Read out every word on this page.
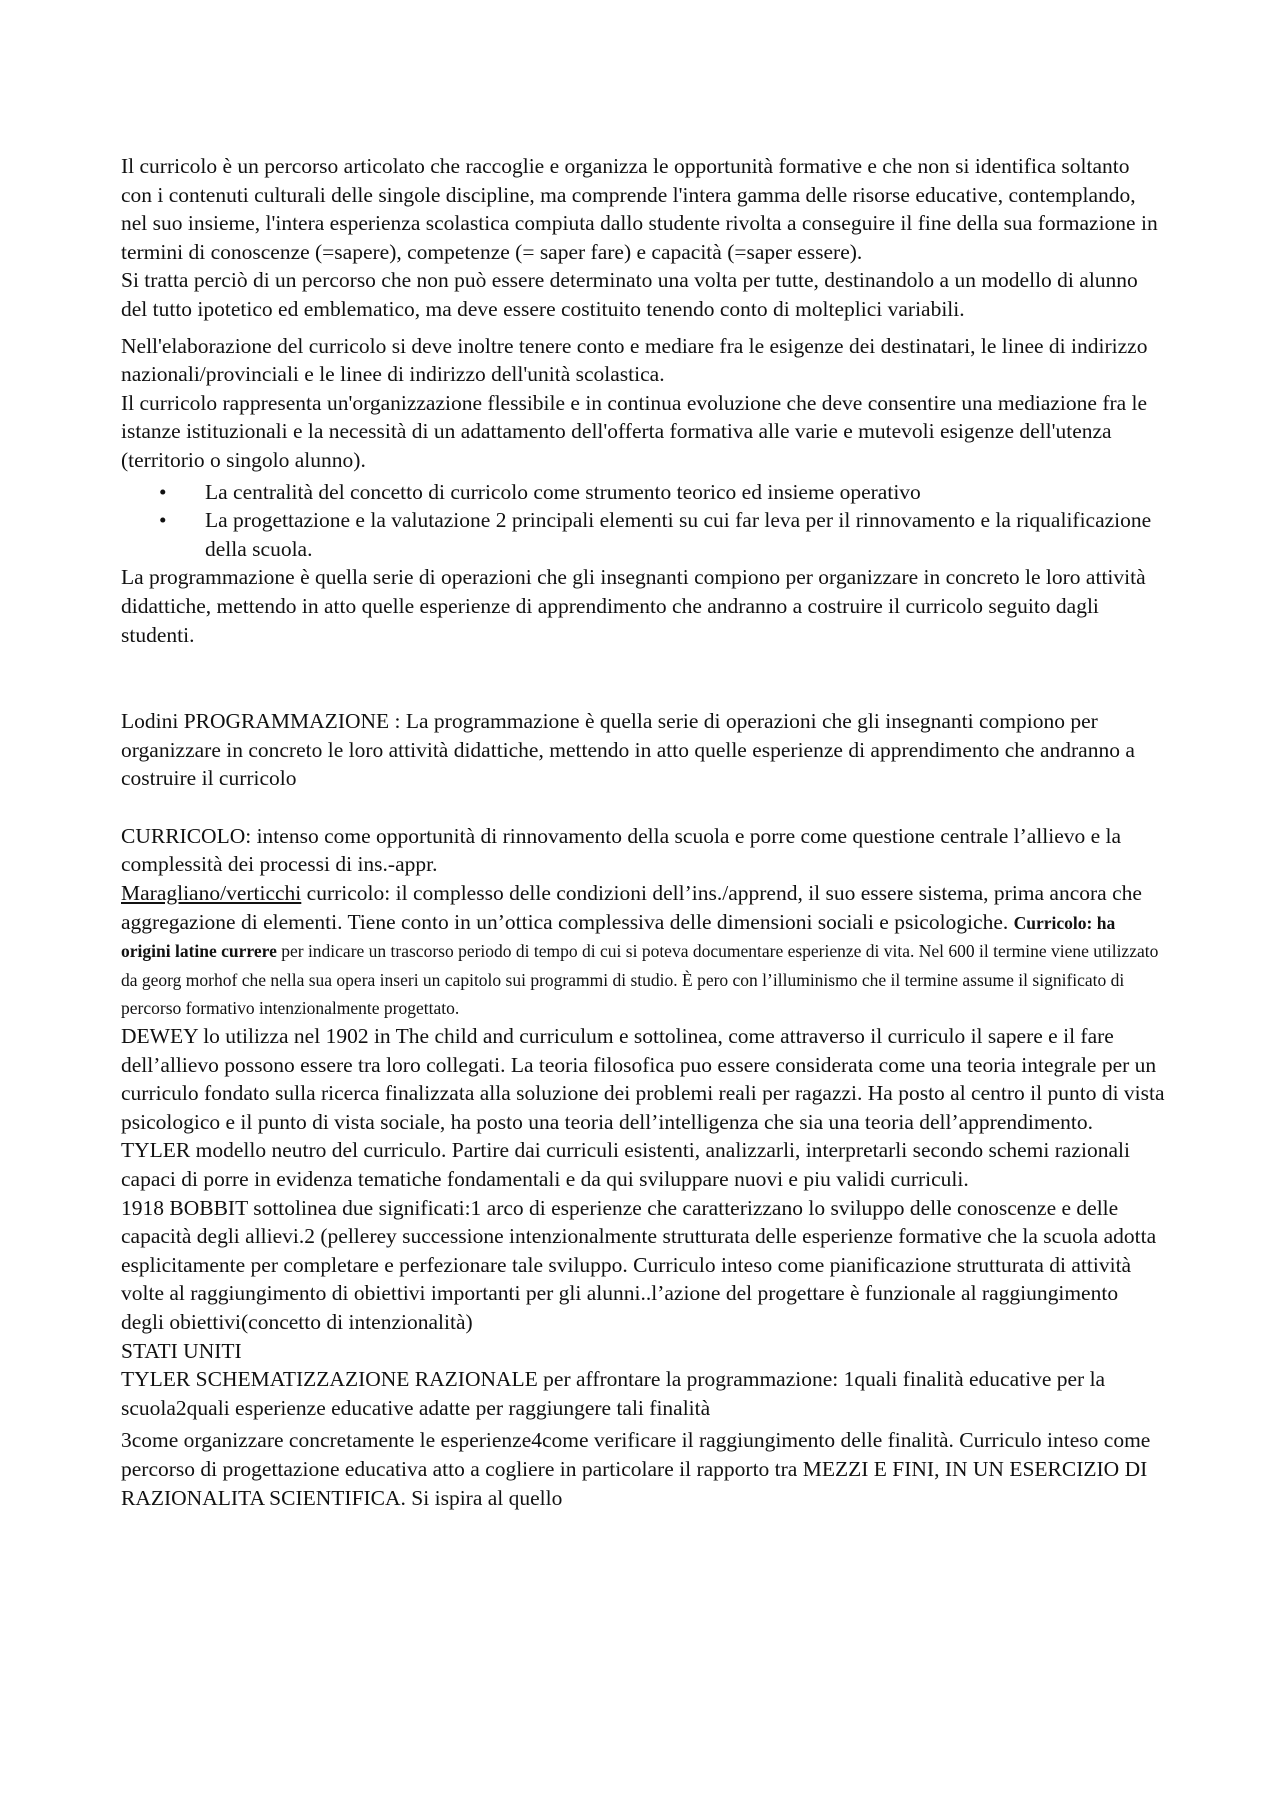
Il curricolo è un percorso articolato che raccoglie e organizza le opportunità formative e che non si identifica soltanto con i contenuti culturali delle singole discipline, ma comprende l'intera gamma delle risorse educative, contemplando, nel suo insieme, l'intera esperienza scolastica compiuta dallo studente rivolta a conseguire il fine della sua formazione in termini di conoscenze (=sapere), competenze (= saper fare) e capacità (=saper essere).

Si tratta perciò di un percorso che non può essere determinato una volta per tutte, destinandolo a un modello di alunno del tutto ipotetico ed emblematico, ma deve essere costituito tenendo conto di molteplici variabili.

Nell'elaborazione del curricolo si deve inoltre tenere conto e mediare fra le esigenze dei destinatari, le linee di indirizzo nazionali/provinciali e le linee di indirizzo dell'unità scolastica.

Il curricolo rappresenta un'organizzazione flessibile e in continua evoluzione che deve consentire una mediazione fra le istanze istituzionali e la necessità di un adattamento dell'offerta formativa alle varie e mutevoli esigenze dell'utenza (territorio o singolo alunno).

• La centralità del concetto di curricolo come strumento teorico ed insieme operativo
• La progettazione e la valutazione 2 principali elementi su cui far leva per il rinnovamento e la riqualificazione della scuola.

La programmazione è quella serie di operazioni che gli insegnanti compiono per organizzare in concreto le loro attività didattiche, mettendo in atto quelle esperienze di apprendimento che andranno a costruire il curricolo seguito dagli studenti.

Lodini PROGRAMMAZIONE : La programmazione è quella serie di operazioni che gli insegnanti compiono per organizzare in concreto le loro attività didattiche, mettendo in atto quelle esperienze di apprendimento che andranno a costruire il curricolo

CURRICOLO: intenso come opportunità di rinnovamento della scuola e porre come questione centrale l’allievo e la complessità dei processi di ins.-appr.

Maragliano/verticchi curricolo: il complesso delle condizioni dell’ins./apprend, il suo essere sistema, prima ancora che aggregazione di elementi. Tiene conto in un’ottica complessiva delle dimensioni sociali e psicologiche. Curricolo: ha origini latine currere per indicare un trascorso periodo di tempo di cui si poteva documentare esperienze di vita. Nel 600 il termine viene utilizzato da georg morhof che nella sua opera inseri un capitolo sui programmi di studio. È pero con l’illuminismo che il termine assume il significato di percorso formativo intenzionalmente progettato.

DEWEY lo utilizza nel 1902 in The child and curriculum e sottolinea, come attraverso il curriculo il sapere e il fare dell’allievo possono essere tra loro collegati. La teoria filosofica puo essere considerata come una teoria integrale per un curriculo fondato sulla ricerca finalizzata alla soluzione dei problemi reali per ragazzi. Ha posto al centro il punto di vista psicologico e il punto di vista sociale, ha posto una teoria dell’intelligenza che sia una teoria dell’apprendimento.

TYLER modello neutro del curriculo. Partire dai curriculi esistenti, analizzarli, interpretarli secondo schemi razionali capaci di porre in evidenza tematiche fondamentali e da qui sviluppare nuovi e piu validi curriculi.

1918 BOBBIT sottolinea due significati:1 arco di esperienze che caratterizzano lo sviluppo delle conoscenze e delle capacità degli allievi.2 (pellerey successione intenzionalmente strutturata delle esperienze formative che la scuola adotta esplicitamente per completare e perfezionare tale sviluppo. Curriculo inteso come pianificazione strutturata di attività volte al raggiungimento di obiettivi importanti per gli alunni..l’azione del progettare è funzionale al raggiungimento degli obiettivi(concetto di intenzionalità)

STATI UNITI

TYLER SCHEMATIZZAZIONE RAZIONALE per affrontare la programmazione: 1quali finalità educative per la scuola2quali esperienze educative adatte per raggiungere tali finalità

3come organizzare concretamente le esperienze4come verificare il raggiungimento delle finalità. Curriculo inteso come percorso di progettazione educativa atto a cogliere in particolare il rapporto tra MEZZI E FINI, IN UN ESERCIZIO DI RAZIONALITA SCIENTIFICA. Si ispira al quello
